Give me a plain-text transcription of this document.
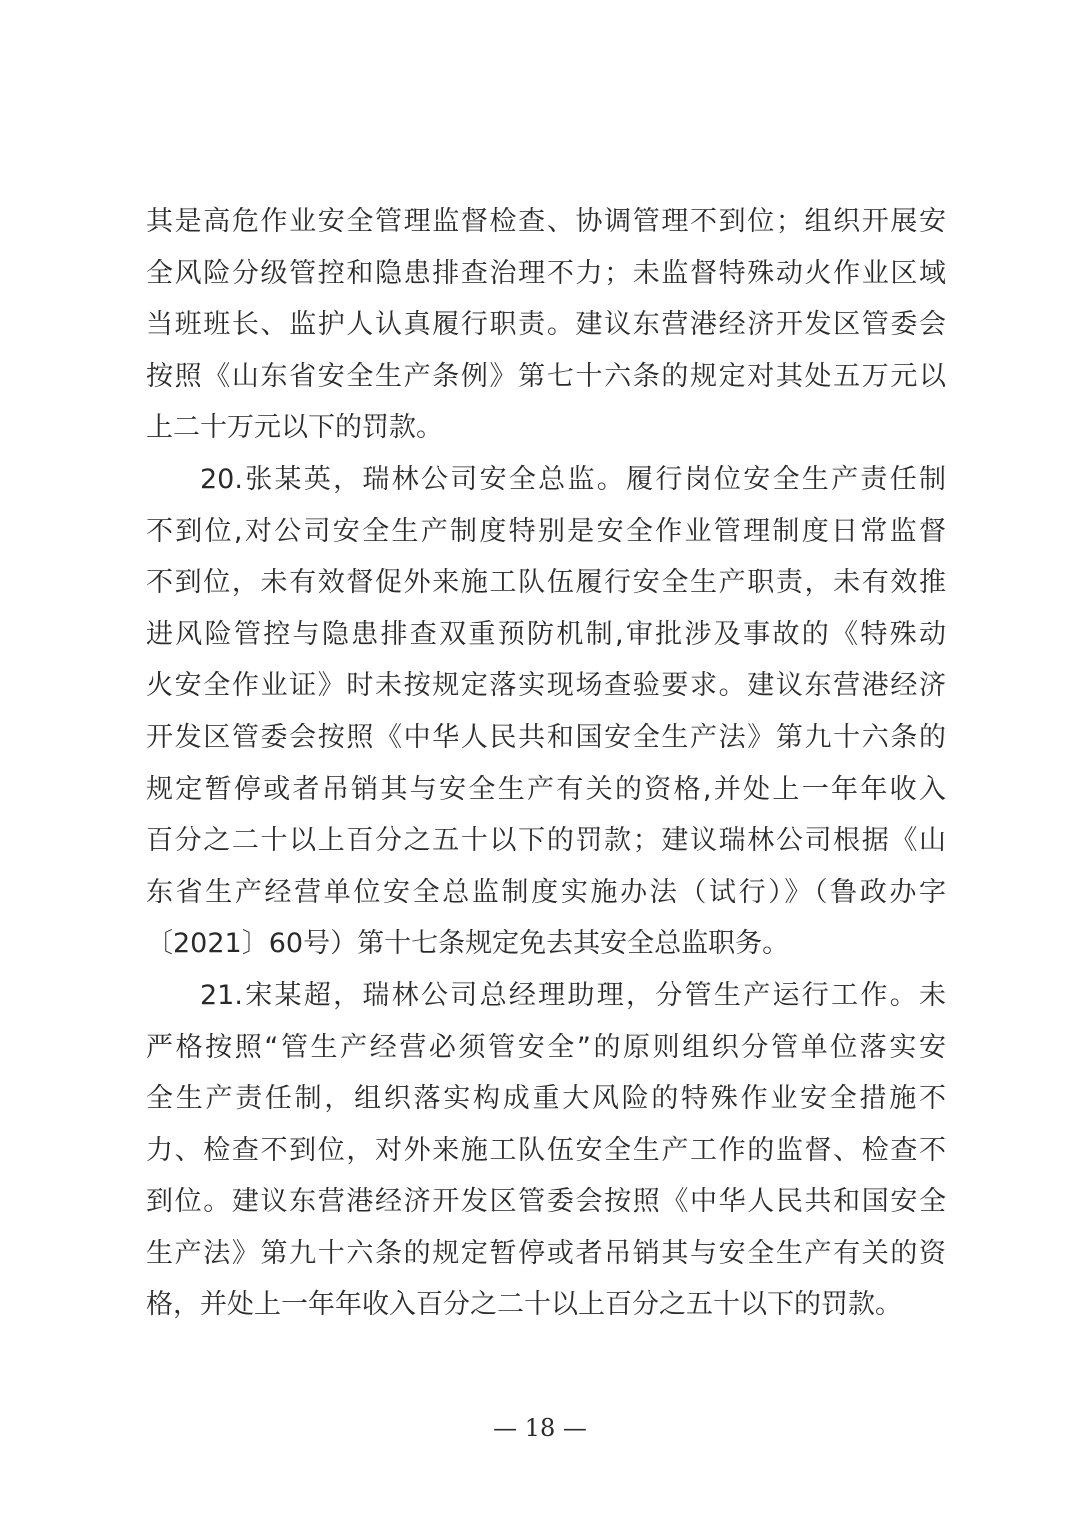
其是高危作业安全管理监督检查、协调管理不到位；组织开展安
全风险分级管控和隐患排查治理不力；未监督特殊动火作业区域
当班班长、监护人认真履行职责。建议东营港经济开发区管委会
按照《山东省安全生产条例》第七十六条的规定对其处五万元以
上二十万元以下的罚款。
20.张某英，瑞林公司安全总监。履行岗位安全生产责任制
不到位,对公司安全生产制度特别是安全作业管理制度日常监督
不到位，未有效督促外来施工队伍履行安全生产职责，未有效推
进风险管控与隐患排查双重预防机制,审批涉及事故的《特殊动
火安全作业证》时未按规定落实现场查验要求。建议东营港经济
开发区管委会按照《中华人民共和国安全生产法》第九十六条的
规定暂停或者吊销其与安全生产有关的资格,并处上一年年收入
百分之二十以上百分之五十以下的罚款；建议瑞林公司根据《山
东省生产经营单位安全总监制度实施办法（试行）》（鲁政办字
〔2021〕60号）第十七条规定免去其安全总监职务。
21.宋某超，瑞林公司总经理助理，分管生产运行工作。未
严格按照“管生产经营必须管安全”的原则组织分管单位落实安
全生产责任制，组织落实构成重大风险的特殊作业安全措施不
力、检查不到位，对外来施工队伍安全生产工作的监督、检查不
到位。建议东营港经济开发区管委会按照《中华人民共和国安全
生产法》第九十六条的规定暂停或者吊销其与安全生产有关的资
格，并处上一年年收入百分之二十以上百分之五十以下的罚款。
— 18 —
